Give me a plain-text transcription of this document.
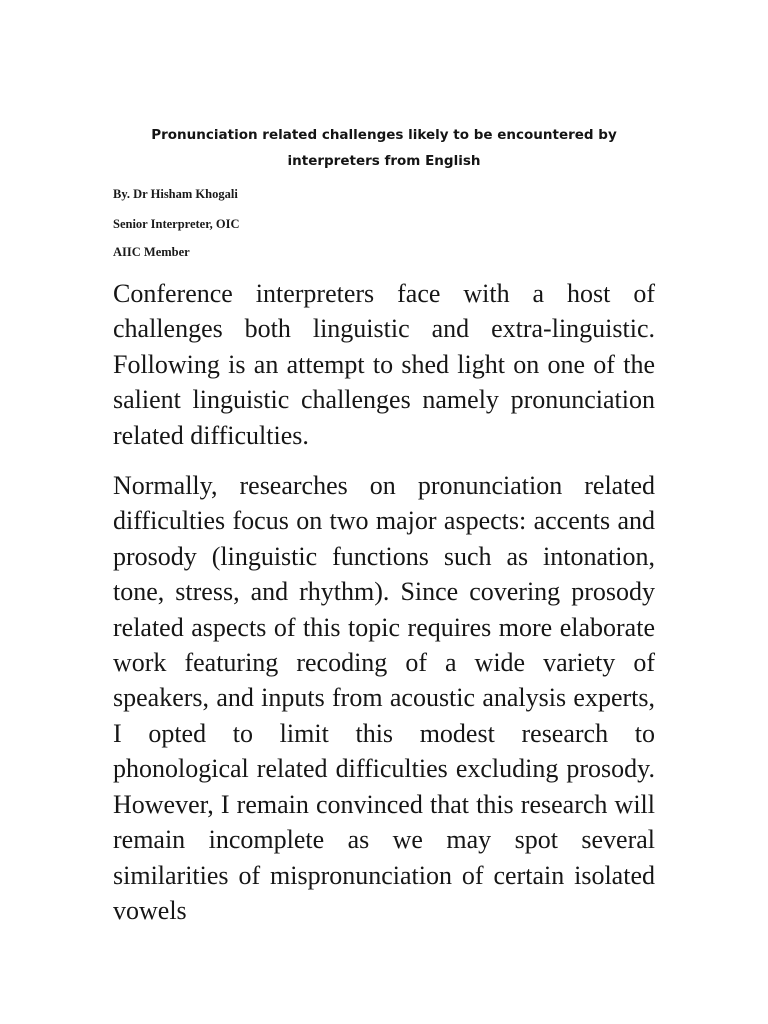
Pronunciation related challenges likely to be encountered by interpreters from English

By. Dr Hisham Khogali

Senior Interpreter, OIC

AIIC Member

Conference interpreters face with a host of challenges both linguistic and extra-linguistic. Following is an attempt to shed light on one of the salient linguistic challenges namely pronunciation related difficulties.

Normally, researches on pronunciation related difficulties focus on two major aspects: accents and prosody (linguistic functions such as intonation, tone, stress, and rhythm). Since covering prosody related aspects of this topic requires more elaborate work featuring recoding of a wide variety of speakers, and inputs from acoustic analysis experts, I opted to limit this modest research to phonological related difficulties excluding prosody. However, I remain convinced that this research will remain incomplete as we may spot several similarities of mispronunciation of certain isolated vowels
